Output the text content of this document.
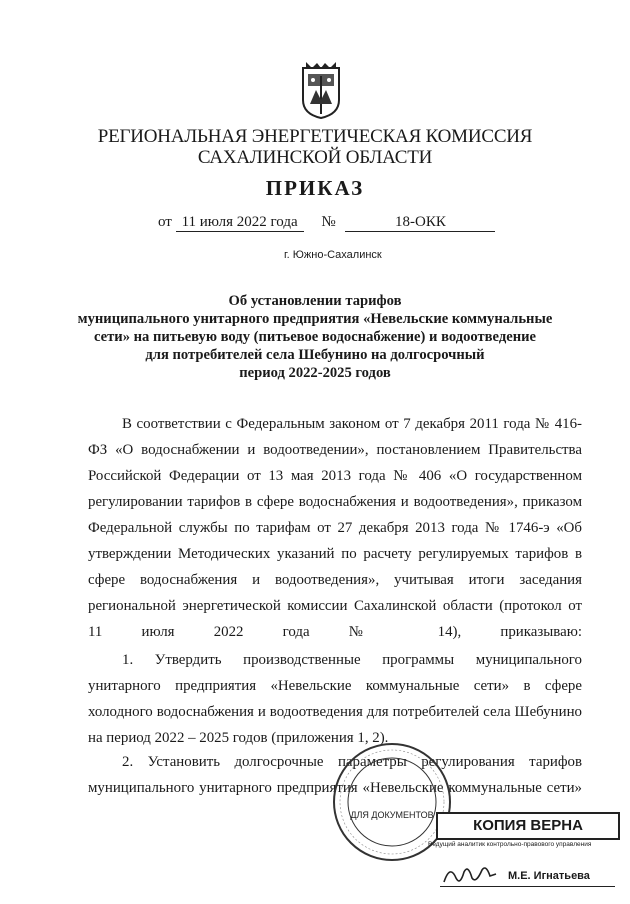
РЕГИОНАЛЬНАЯ ЭНЕРГЕТИЧЕСКАЯ КОМИССИЯ
САХАЛИНСКОЙ ОБЛАСТИ
ПРИКАЗ
от 11 июля 2022 года №	18-ОКК
г. Южно-Сахалинск
Об установлении тарифов
муниципального унитарного предприятия «Невельские коммунальные
сети» на питьевую воду (питьевое водоснабжение) и водоотведение
для потребителей села Шебунино на долгосрочный
период 2022-2025 годов
В соответствии с Федеральным законом от 7 декабря 2011 года № 416-ФЗ «О водоснабжении и водоотведении», постановлением Правительства Российской Федерации от 13 мая 2013 года № 406 «О государственном регулировании тарифов в сфере водоснабжения и водоотведения», приказом Федеральной службы по тарифам от 27 декабря 2013 года № 1746-э «Об утверждении Методических указаний по расчету регулируемых тарифов в сфере водоснабжения и водоотведения», учитывая итоги заседания региональной энергетической комиссии Сахалинской области (протокол от 11 июля 2022 года № 14), приказываю:
1. Утвердить производственные программы муниципального унитарного предприятия «Невельские коммунальные сети» в сфере холодного водоснабжения и водоотведения для потребителей села Шебунино на период 2022 – 2025 годов (приложения 1, 2).
2. Установить долгосрочные параметры регулирования тарифов муниципального унитарного предприятия «Невельские коммунальные сети»
ДЛЯ ДОКУМЕНТОВ
КОПИЯ ВЕРНА
Ведущий аналитик контрольно-правового управления
М.Е. Игнатьева
